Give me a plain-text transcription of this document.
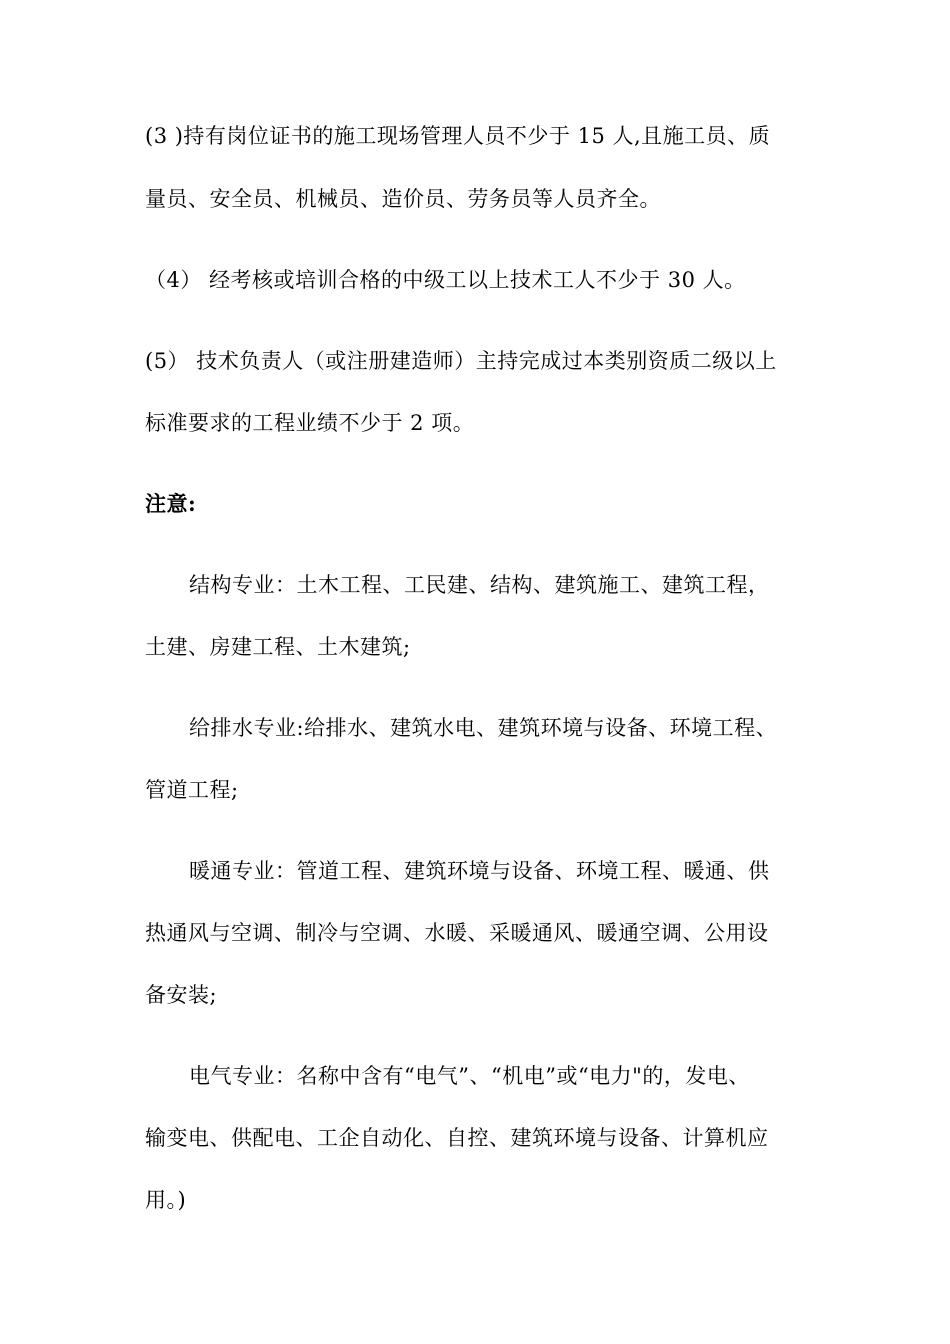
(3 )持有岗位证书的施工现场管理人员不少于 15 人,且施工员、质
量员、安全员、机械员、造价员、劳务员等人员齐全。
（4） 经考核或培训合格的中级工以上技术工人不少于 30 人。
(5） 技术负责人（或注册建造师）主持完成过本类别资质二级以上
标准要求的工程业绩不少于 2 项。
注意:
结构专业：土木工程、工民建、结构、建筑施工、建筑工程，
土建、房建工程、土木建筑;
给排水专业:给排水、建筑水电、建筑环境与设备、环境工程、
管道工程;
暖通专业：管道工程、建筑环境与设备、环境工程、暖通、供
热通风与空调、制冷与空调、水暖、采暖通风、暖通空调、公用设
备安装;
电气专业：名称中含有“电气”、“机电”或“电力"的，发电、
输变电、供配电、工企自动化、自控、建筑环境与设备、计算机应
用。)
